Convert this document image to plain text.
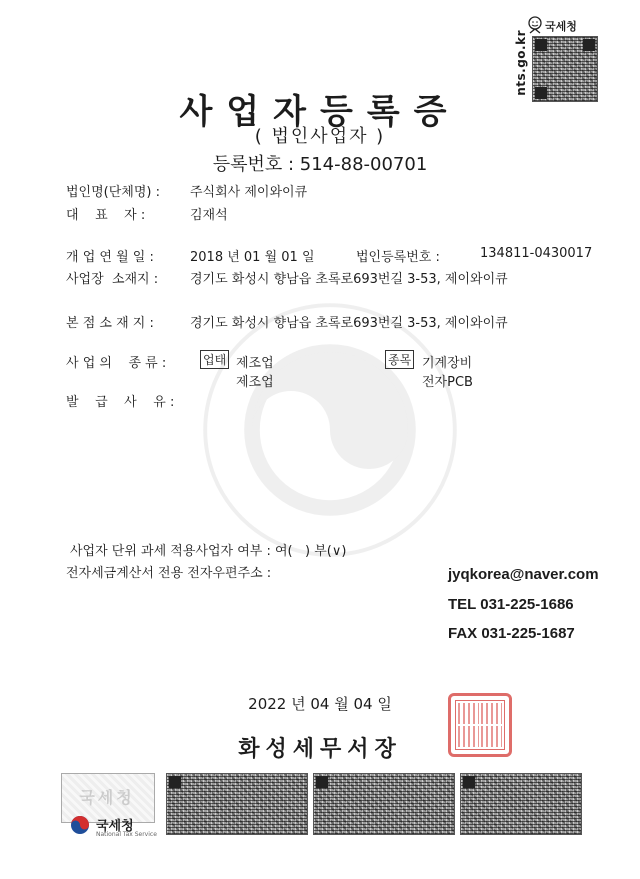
국세청
nts.go.kr
사업자등록증
( 법인사업자 )
등록번호 : 514-88-00701
법인명(단체명) : 주식회사 제이와이큐
대    표    자 :	김재석
개 업 연 월 일 :	2018 년 01 월 01 일	법인등록번호 :	134811-0430017
사업장  소재지 : 경기도 화성시 향남읍 초록로693번길 3-53, 제이와이큐
본 점 소 재 지 :	경기도 화성시 향남읍 초록로693번길 3-53, 제이와이큐
사 업 의    종 류 :	업태 제조업
제조업
종목 기계장비
전자PCB
발    급    사    유 :
사업자 단위 과세 적용사업자 여부 : 여(   ) 부(∨)
전자세금계산서 전용 전자우편주소 :	jyqkorea@naver.com
TEL 031-225-1686
FAX 031-225-1687
2022 년 04 월 04 일
화성세무서장
국세청
국세청
National Tax Service
